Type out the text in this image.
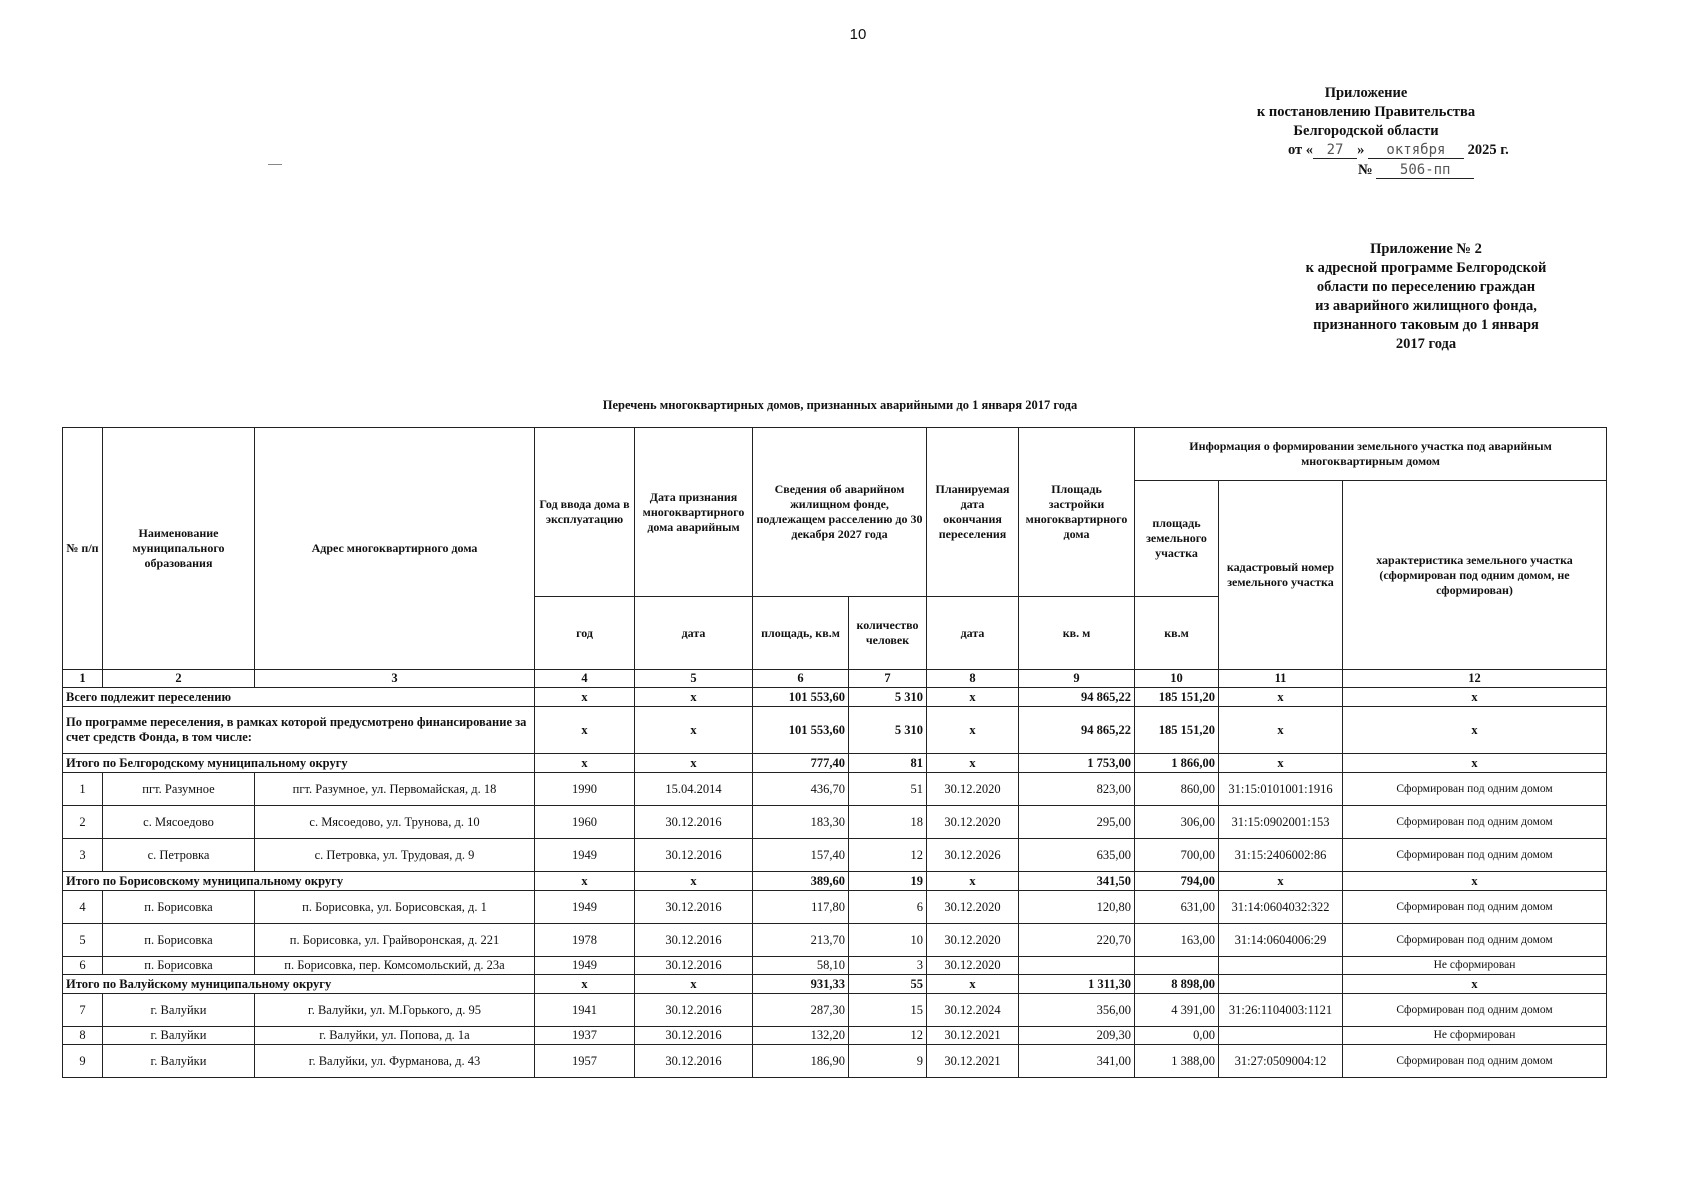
10
Приложение
к постановлению Правительства
Белгородской области
от « 27 » октября 2025 г.
№ 506-пп
Приложение № 2
к адресной программе Белгородской
области по переселению граждан
из аварийного жилищного фонда,
признанного таковым до 1 января
2017 года
Перечень многоквартирных домов, признанных аварийными до 1 января 2017 года
№ п/п	Наименование муниципального образования	Адрес многоквартирного дома	Год ввода дома в эксплуатацию	Дата признания многоквартирного дома аварийным	Сведения об аварийном жилищном фонде, подлежащем расселению до 30 декабря 2027 года		Планируемая дата окончания переселения	Площадь застройки многоквартирного дома	Информация о формировании земельного участка под аварийным многоквартирным домом		
									площадь земельного участка	кадастровый номер земельного участка	характеристика земельного участка (сформирован под одним домом, не сформирован)
			год	дата	площадь, кв.м	количество человек	дата	кв. м	кв.м		
1	2	3	4	5	6	7	8	9	10	11	12
Всего подлежит переселению			x	x	101 553,60	5 310	x	94 865,22	185 151,20	x	x
По программе переселения, в рамках которой предусмотрено финансирование за счет средств Фонда, в том числе:			x	x	101 553,60	5 310	x	94 865,22	185 151,20	x	x
Итого по Белгородскому муниципальному округу			x	x	777,40	81	x	1 753,00	1 866,00	x	x
1	пгт. Разумное	пгт. Разумное, ул. Первомайская, д. 18	1990	15.04.2014	436,70	51	30.12.2020	823,00	860,00	31:15:0101001:1916	Сформирован под одним домом
2	с. Мясоедово	с. Мясоедово, ул. Трунова, д. 10	1960	30.12.2016	183,30	18	30.12.2020	295,00	306,00	31:15:0902001:153	Сформирован под одним домом
3	с. Петровка	с. Петровка, ул. Трудовая, д. 9	1949	30.12.2016	157,40	12	30.12.2026	635,00	700,00	31:15:2406002:86	Сформирован под одним домом
Итого по Борисовскому муниципальному округу			x	x	389,60	19	x	341,50	794,00	x	x
4	п. Борисовка	п. Борисовка, ул. Борисовская, д. 1	1949	30.12.2016	117,80	6	30.12.2020	120,80	631,00	31:14:0604032:322	Сформирован под одним домом
5	п. Борисовка	п. Борисовка, ул. Грайворонская, д. 221	1978	30.12.2016	213,70	10	30.12.2020	220,70	163,00	31:14:0604006:29	Сформирован под одним домом
6	п. Борисовка	п. Борисовка, пер. Комсомольский, д. 23а	1949	30.12.2016	58,10	3	30.12.2020				Не сформирован
Итого по Валуйскому муниципальному округу			x	x	931,33	55	x	1 311,30	8 898,00		x
7	г. Валуйки	г. Валуйки, ул. М.Горького, д. 95	1941	30.12.2016	287,30	15	30.12.2024	356,00	4 391,00	31:26:1104003:1121	Сформирован под одним домом
8	г. Валуйки	г. Валуйки, ул. Попова, д. 1а	1937	30.12.2016	132,20	12	30.12.2021	209,30	0,00		Не сформирован
9	г. Валуйки	г. Валуйки, ул. Фурманова, д. 43	1957	30.12.2016	186,90	9	30.12.2021	341,00	1 388,00	31:27:0509004:12	Сформирован под одним домом
